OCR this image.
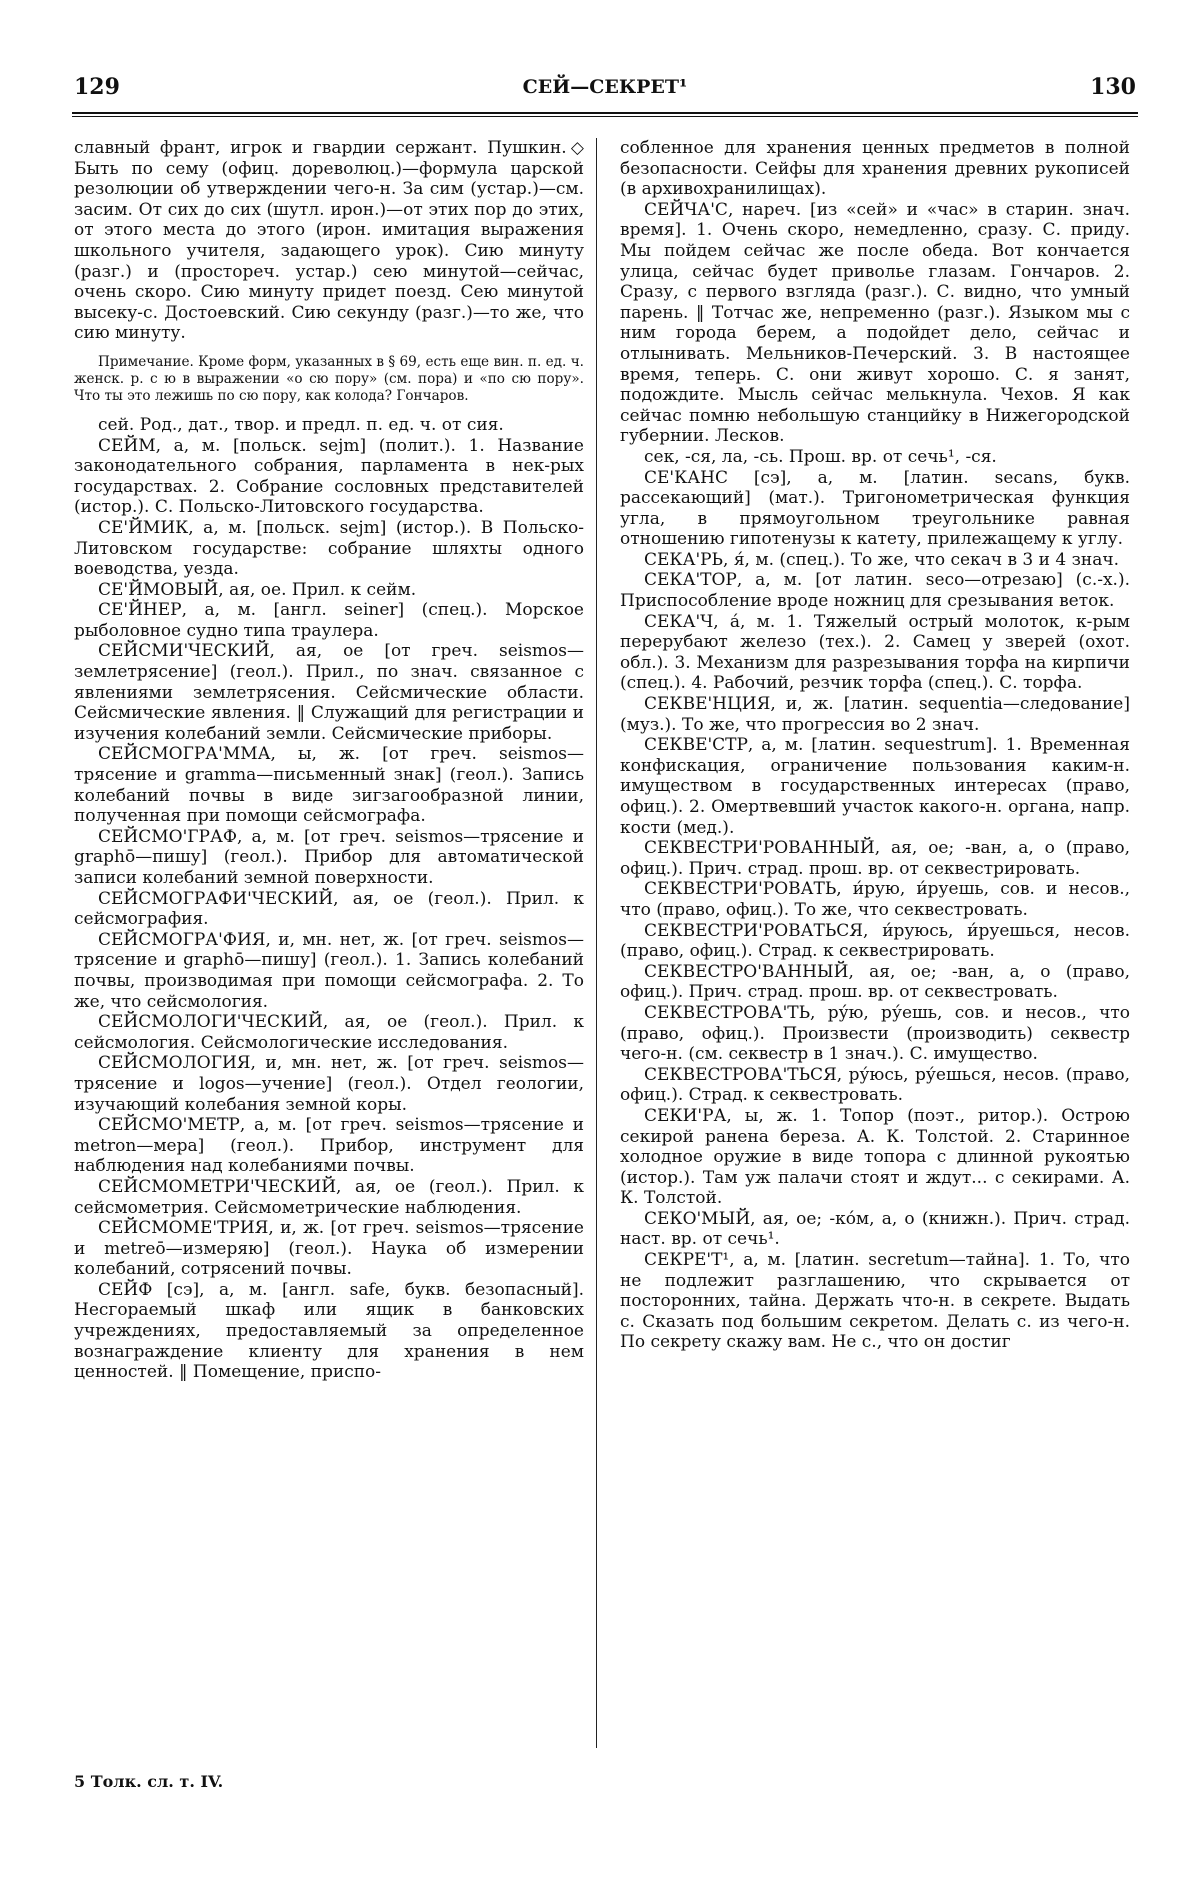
129	СЕЙ—СЕКРЕТ¹	130

славный франт, игрок и гвардии сержант. Пушкин.◇ Быть по сему (офиц. дореволюц.)—формула царской резолюции об утверждении чего-н. За сим (устар.)—см. засим. От сих до сих (шутл. ирон.)—от этих пор до этих, от этого места до этого (ирон. имитация выражения школьного учителя, задающего урок). Сию минуту (разг.) и (простореч. устар.) сею минутой—сейчас, очень скоро. Сию минуту придет поезд. Сею минутой высеку-с. Достоевский. Сию секунду (разг.)—то же, что сию минуту.

Примечание. Кроме форм, указанных в § 69, есть еще вин. п. ед. ч. женск. р. с ю в выражении «о сю пору» (см. пора) и «по сю пору». Что ты это лежишь по сю пору, как колода? Гончаров.

сей. Род., дат., твор. и предл. п. ед. ч. от сия.

СЕЙМ, а, м. [польск. sejm] (полит.). 1. Название законодательного собрания, парламента в нек-рых государствах. 2. Собрание сословных представителей (истор.). С. Польско-Литовского государства.

СЕ'ЙМИК, а, м. [польск. sejm] (истор.). В Польско-Литовском государстве: собрание шляхты одного воеводства, уезда.

СЕ'ЙМОВЫЙ, ая, ое. Прил. к сейм.

СЕ'ЙНЕР, а, м. [англ. seiner] (спец.). Морское рыболовное судно типа траулера.

СЕЙСМИ'ЧЕСКИЙ, ая, ое [от греч. seismos—землетрясение] (геол.). Прил., по знач. связанное с явлениями землетрясения. Сейсмические области. Сейсмические явления. ‖ Служащий для регистрации и изучения колебаний земли. Сейсмические приборы.

СЕЙСМОГРА'ММА, ы, ж. [от греч. seismos—трясение и gramma—письменный знак] (геол.). Запись колебаний почвы в виде зигзагообразной линии, полученная при помощи сейсмографа.

СЕЙСМО'ГРАФ, а, м. [от греч. seismos—трясение и graphō—пишу] (геол.). Прибор для автоматической записи колебаний земной поверхности.

СЕЙСМОГРАФИ'ЧЕСКИЙ, ая, ое (геол.). Прил. к сейсмография.

СЕЙСМОГРА'ФИЯ, и, мн. нет, ж. [от греч. seismos—трясение и graphō—пишу] (геол.). 1. Запись колебаний почвы, производимая при помощи сейсмографа. 2. То же, что сейсмология.

СЕЙСМОЛОГИ'ЧЕСКИЙ, ая, ое (геол.). Прил. к сейсмология. Сейсмологические исследования.

СЕЙСМОЛОГИЯ, и, мн. нет, ж. [от греч. seismos—трясение и logos—учение] (геол.). Отдел геологии, изучающий колебания земной коры.

СЕЙСМО'МЕТР, а, м. [от греч. seismos—трясение и metron—мера] (геол.). Прибор, инструмент для наблюдения над колебаниями почвы.

СЕЙСМОМЕТРИ'ЧЕСКИЙ, ая, ое (геол.). Прил. к сейсмометрия. Сейсмометрические наблюдения.

СЕЙСМОМЕ'ТРИЯ, и, ж. [от греч. seismos—трясение и metreō—измеряю] (геол.). Наука об измерении колебаний, сотрясений почвы.

СЕЙФ [сэ], а, м. [англ. safe, букв. безопасный]. Несгораемый шкаф или ящик в банковских учреждениях, предоставляемый за определенное вознаграждение клиенту для хранения в нем ценностей. ‖ Помещение, приспо-

собленное для хранения ценных предметов в полной безопасности. Сейфы для хранения древних рукописей (в архивохранилищах).

СЕЙЧА'С, нареч. [из «сей» и «час» в старин. знач. время]. 1. Очень скоро, немедленно, сразу. С. приду. Мы пойдем сейчас же после обеда. Вот кончается улица, сейчас будет приволье глазам. Гончаров. 2. Сразу, с первого взгляда (разг.). С. видно, что умный парень. ‖ Тотчас же, непременно (разг.). Языком мы с ним города берем, а подойдет дело, сейчас и отлынивать. Мельников-Печерский. 3. В настоящее время, теперь. С. они живут хорошо. С. я занят, подождите. Мысль сейчас мелькнула. Чехов. Я как сейчас помню небольшую станцийку в Нижегородской губернии. Лесков.

сек, -ся, ла, -сь. Прош. вр. от сечь¹, -ся.

СЕ'КАНС [сэ], а, м. [латин. secans, букв. рассекающий] (мат.). Тригонометрическая функция угла, в прямоугольном треугольнике равная отношению гипотенузы к катету, прилежащему к углу.

СЕКА'РЬ, я́, м. (спец.). То же, что секач в 3 и 4 знач.

СЕКА'ТОР, а, м. [от латин. seco—отрезаю] (с.-х.). Приспособление вроде ножниц для срезывания веток.

СЕКА'Ч, а́, м. 1. Тяжелый острый молоток, к-рым перерубают железо (тех.). 2. Самец у зверей (охот. обл.). 3. Механизм для разрезывания торфа на кирпичи (спец.). 4. Рабочий, резчик торфа (спец.). С. торфа.

СЕКВЕ'НЦИЯ, и, ж. [латин. sequentia—следование] (муз.). То же, что прогрессия во 2 знач.

СЕКВЕ'СТР, а, м. [латин. sequestrum]. 1. Временная конфискация, ограничение пользования каким-н. имуществом в государственных интересах (право, офиц.). 2. Омертвевший участок какого-н. органа, напр. кости (мед.).

СЕКВЕСТРИ'РОВАННЫЙ, ая, ое; -ван, а, о (право, офиц.). Прич. страд. прош. вр. от секвестрировать.

СЕКВЕСТРИ'РОВАТЬ, и́рую, и́руешь, сов. и несов., что (право, офиц.). То же, что секвестровать.

СЕКВЕСТРИ'РОВАТЬСЯ, и́руюсь, и́руешься, несов. (право, офиц.). Страд. к секвестрировать.

СЕКВЕСТРО'ВАННЫЙ, ая, ое; -ван, а, о (право, офиц.). Прич. страд. прош. вр. от секвестровать.

СЕКВЕСТРОВА'ТЬ, ру́ю, ру́ешь, сов. и несов., что (право, офиц.). Произвести (производить) секвестр чего-н. (см. секвестр в 1 знач.). С. имущество.

СЕКВЕСТРОВА'ТЬСЯ, ру́юсь, ру́ешься, несов. (право, офиц.). Страд. к секвестровать.

СЕКИ'РА, ы, ж. 1. Топор (поэт., ритор.). Острою секирой ранена береза. А. К. Толстой. 2. Старинное холодное оружие в виде топора с длинной рукоятью (истор.). Там уж палачи стоят и ждут... с секирами. А. К. Толстой.

СЕКО'МЫЙ, ая, ое; -ко́м, а, о (книжн.). Прич. страд. наст. вр. от сечь¹.

СЕКРЕ'Т¹, а, м. [латин. secretum—тайна]. 1. То, что не подлежит разглашению, что скрывается от посторонних, тайна. Держать что-н. в секрете. Выдать с. Сказать под большим секретом. Делать с. из чего-н. По секрету скажу вам. Не с., что он достиг

5 Толк. сл. т. IV.
